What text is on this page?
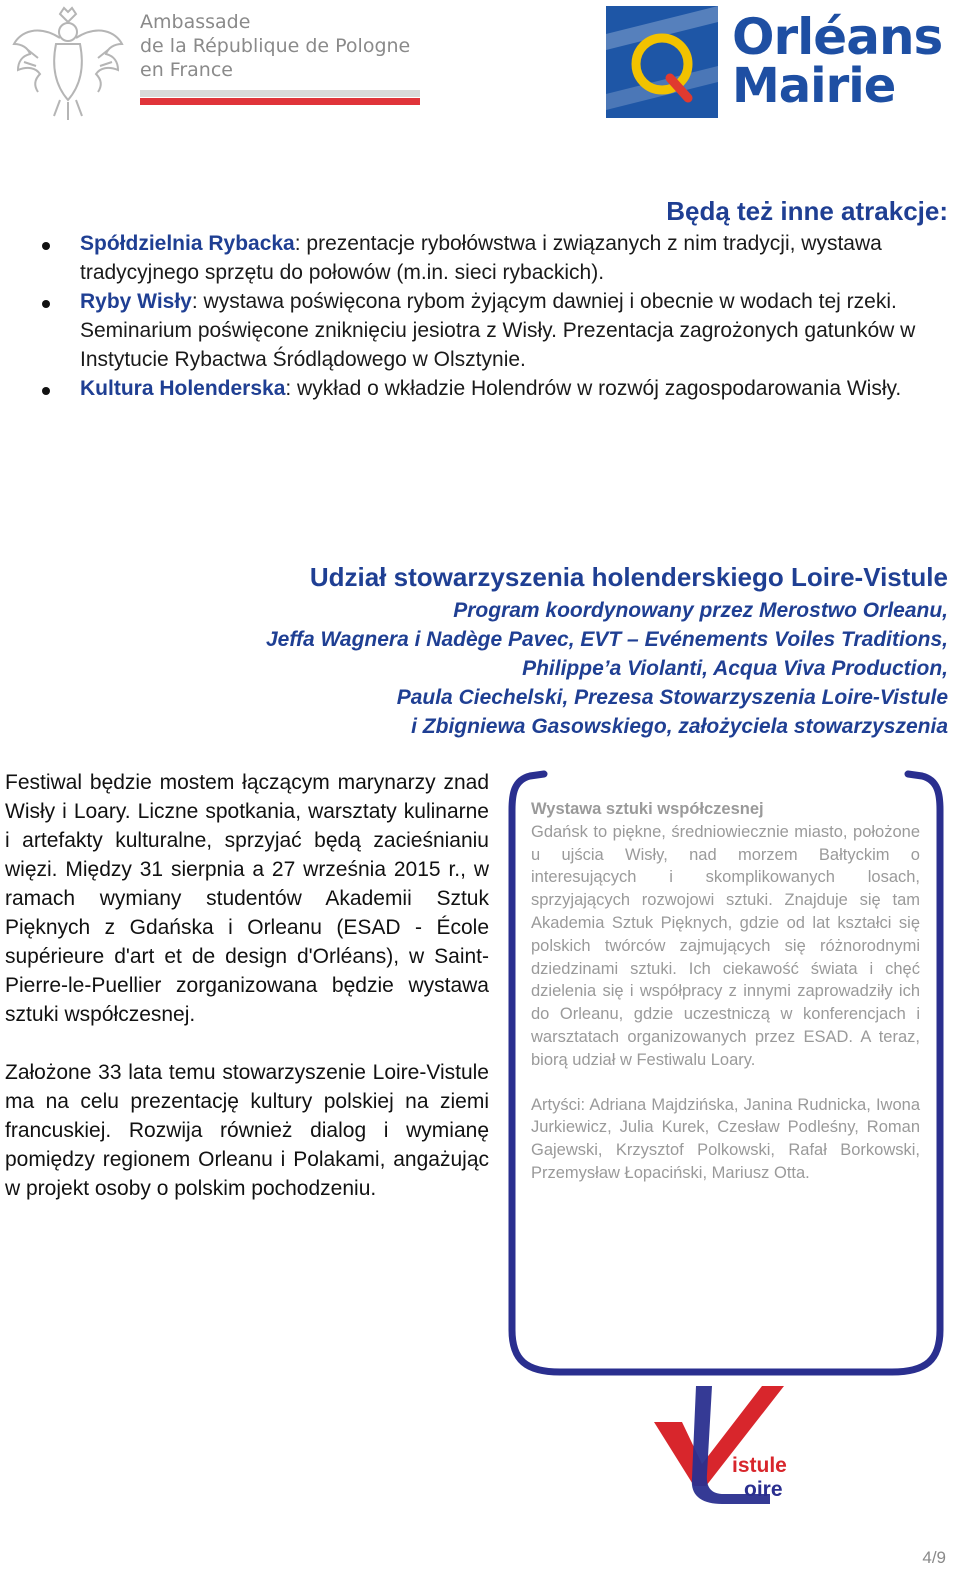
Ambassade
de la République de Pologne
en France
Orléans
Mairie
Będą też inne atrakcje:
Spółdzielnia Rybacka: prezentacje rybołówstwa i związanych z nim tradycji, wystawa tradycyjnego sprzętu do połowów (m.in. sieci rybackich).
Ryby Wisły: wystawa poświęcona rybom żyjącym dawniej i obecnie w wodach tej rzeki. Seminarium poświęcone zniknięciu jesiotra z Wisły. Prezentacja zagrożonych gatunków w Instytucie Rybactwa Śródlądowego w Olsztynie.
Kultura Holenderska: wykład o wkładzie Holendrów w rozwój zagospodarowania Wisły.
Udział stowarzyszenia holenderskiego Loire-Vistule
Program koordynowany przez Merostwo Orleanu,
Jeffa Wagnera i Nadège Pavec, EVT – Evénements Voiles Traditions,
Philippe’a Violanti, Acqua Viva Production,
Paula Ciechelski, Prezesa Stowarzyszenia Loire-Vistule
i Zbigniewa Gasowskiego, założyciela stowarzyszenia

Festiwal będzie mostem łączącym marynarzy znad Wisły i Loary. Liczne spotkania, warsztaty kulinarne i artefakty kulturalne, sprzyjać będą zacieśnianiu więzi. Między 31 sierpnia a 27 września 2015 r., w ramach wymiany studentów Akademii Sztuk Pięknych z Gdańska i Orleanu (ESAD - École supérieure d'art et de design d'Orléans), w Saint-Pierre-le-Puellier zorganizowana będzie wystawa sztuki współczesnej.

Założone 33 lata temu stowarzyszenie Loire-Vistule ma na celu prezentację kultury polskiej na ziemi francuskiej. Rozwija również dialog i wymianę pomiędzy regionem Orleanu i Polakami, angażując w projekt osoby o polskim pochodzeniu.

Wystawa sztuki współczesnej

Gdańsk to piękne, średniowiecznie miasto, położone u ujścia Wisły, nad morzem Bałtyckim o interesujących i skomplikowanych losach, sprzyjających rozwojowi sztuki. Znajduje się tam Akademia Sztuk Pięknych, gdzie od lat kształci się polskich twórców zajmujących się różnorodnymi dziedzinami sztuki. Ich ciekawość świata i chęć dzielenia się i współpracy z innymi zaprowadziły ich do Orleanu, gdzie uczestniczą w konferencjach i warsztatach organizowanych przez ESAD. A teraz, biorą udział w Festiwalu Loary.

Artyści: Adriana Majdzińska, Janina Rudnicka, Iwona Jurkiewicz, Julia Kurek, Czesław Podleśny, Roman Gajewski, Krzysztof Polkowski, Rafał Borkowski, Przemysław Łopaciński, Mariusz Otta.

istule
oire
4/9
